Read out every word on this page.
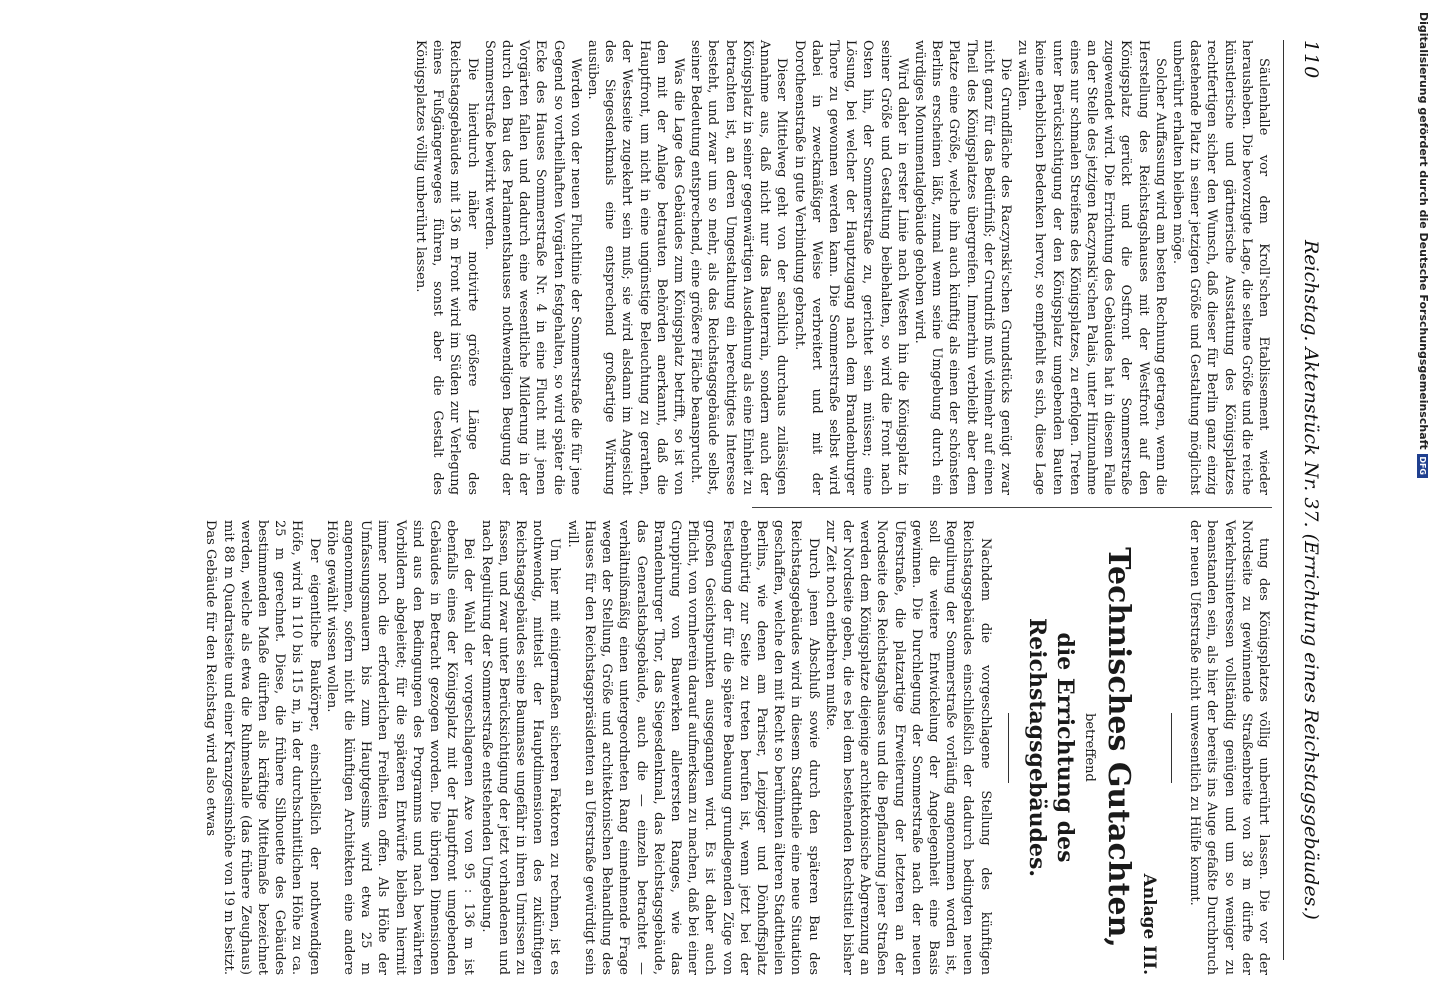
110
Reichstag. Aktenstück Nr. 37. (Errichtung eines Reichstagsgebäudes.)

Säulenhalle vor dem Kroll'schen Etablissement wieder herausheben. Die bevorzugte Lage, die seltene Größe und die reiche künstlerische und gärtnerische Ausstattung des Königsplatzes rechtfertigen sicher den Wunsch, daß dieser für Berlin ganz einzig dastehende Platz in seiner jetzigen Größe und Gestaltung möglichst unberührt erhalten bleiben möge.

Solcher Auffassung wird am besten Rechnung getragen, wenn die Herstellung des Reichstagshauses mit der Westfront auf den Königsplatz gerückt und die Ostfront der Sommerstraße zugewendet wird. Die Errichtung des Gebäudes hat in diesem Falle an der Stelle des jetzigen Raczynski'schen Palais, unter Hinzunahme eines nur schmalen Streifens des Königsplatzes, zu erfolgen. Treten unter Berücksichtigung der den Königsplatz umgebenden Bauten keine erheblichen Bedenken hervor, so empfiehlt es sich, diese Lage zu wählen.

Die Grundfläche des Raczynski'schen Grundstücks genügt zwar nicht ganz für das Bedürfniß; der Grundriß muß vielmehr auf einen Theil des Königsplatzes übergreifen. Immerhin verbleibt aber dem Platze eine Größe, welche ihn auch künftig als einen der schönsten Berlins erscheinen läßt, zumal wenn seine Umgebung durch ein würdiges Monumentalgebäude gehoben wird.

Wird daher in erster Linie nach Westen hin die Königsplatz in seiner Größe und Gestaltung beibehalten, so wird die Front nach Osten hin, der Sommerstraße zu, gerichtet sein müssen; eine Lösung, bei welcher der Hauptzugang nach dem Brandenburger Thore zu gewonnen werden kann. Die Sommerstraße selbst wird dabei in zweckmäßiger Weise verbreitert und mit der Dorotheenstraße in gute Verbindung gebracht.

Dieser Mittelweg geht von der sachlich durchaus zulässigen Annahme aus, daß nicht nur das Bauterrain, sondern auch der Königsplatz in seiner gegenwärtigen Ausdehnung als eine Einheit zu betrachten ist, an deren Umgestaltung ein berechtigtes Interesse besteht, und zwar um so mehr, als das Reichstagsgebäude selbst, seiner Bedeutung entsprechend, eine größere Fläche beansprucht.

Was die Lage des Gebäudes zum Königsplatz betrifft, so ist von den mit der Anlage betrauten Behörden anerkannt, daß die Hauptfront, um nicht in eine ungünstige Beleuchtung zu gerathen, der Westseite zugekehrt sein muß; sie wird alsdann im Angesicht des Siegesdenkmals eine entsprechend großartige Wirkung ausüben.

Werden von der neuen Fluchtlinie der Sommerstraße die für jene Gegend so vortheilhaften Vorgärten festgehalten, so wird später die Ecke des Hauses Sommerstraße Nr. 4 in eine Flucht mit jenen Vorgärten fallen und dadurch eine wesentliche Milderung in der durch den Bau des Parlamentshauses nothwendigen Beugung der Sommerstraße bewirkt werden.

Die hierdurch näher motivirte größere Länge des Reichstagsgebäudes mit 136 m Front wird im Süden zur Verlegung eines Fußgängerweges führen, sonst aber die Gestalt des Königsplatzes völlig unberührt lassen.

tung des Königsplatzes völlig unberührt lassen. Die vor der Nordseite zu gewinnende Straßenbreite von 38 m dürfte der Verkehrsinteressen vollständig genügen und um so weniger zu beanstanden sein, als hier der bereits ins Auge gefaßte Durchbruch der neuen Uferstraße nicht unwesentlich zu Hülfe kommt.

Anlage III.

Technisches Gutachten,
betreffend
die Errichtung des Reichstagsgebäudes.

Nachdem die vorgeschlagene Stellung des künftigen Reichstagsgebäudes einschließlich der dadurch bedingten neuen Regulirung der Sommerstraße vorläufig angenommen worden ist, soll die weitere Entwickelung der Angelegenheit eine Basis gewinnen. Die Durchlegung der Sommerstraße nach der neuen Uferstraße, die platzartige Erweiterung der letzteren an der Nordseite des Reichstagshauses und die Bepflanzung jener Straßen werden dem Königsplatze diejenige architektonische Abgrenzung an der Nordseite geben, die es bei dem bestehenden Rechtstitel bisher zur Zeit noch entbehren mußte.

Durch jenen Abschluß sowie durch den späteren Bau des Reichstagsgebäudes wird in diesem Stadttheile eine neue Situation geschaffen, welche den mit Recht so berühmten älteren Stadttheilen Berlins, wie denen am Pariser, Leipziger und Dönhoffsplatz ebenbürtig zur Seite zu treten berufen ist, wenn jetzt bei der Festlegung der für die spätere Bebauung grundlegenden Züge von großen Gesichtspunkten ausgegangen wird. Es ist daher auch Pflicht, von vornherein darauf aufmerksam zu machen, daß bei einer Gruppirung von Bauwerken allerersten Ranges, wie das Brandenburger Thor, das Siegesdenkmal, das Reichstagsgebäude, das Generalstabsgebäude, auch die — einzeln betrachtet — verhältnißmäßig einen untergeordneten Rang einnehmende Frage wegen der Stellung, Größe und architektonischen Behandlung des Hauses für den Reichstagspräsidenten an Uferstraße gewürdigt sein will.

Um hier mit einigermaßen sicheren Faktoren zu rechnen, ist es nothwendig, mittelst der Hauptdimensionen des zukünftigen Reichstagsgebäudes seine Baumasse ungefähr in ihren Umrissen zu fassen, und zwar unter Berücksichtigung der jetzt vorhandenen und nach Regulirung der Sommerstraße entstehenden Umgebung.

Bei der Wahl der vorgeschlagenen Axe von 95 : 136 m ist ebenfalls eines der Königsplatz mit der Hauptfront umgebenden Gebäudes in Betracht gezogen worden. Die übrigen Dimensionen sind aus den Bedingungen des Programms und nach bewährten Vorbildern abgeleitet; für die späteren Entwürfe bleiben hiermit immer noch die erforderlichen Freiheiten offen. Als Höhe der Umfassungsmauern bis zum Hauptgesims wird etwa 25 m angenommen, sofern nicht die künftigen Architekten eine andere Höhe gewählt wissen wollen.

Der eigentliche Baukörper, einschließlich der nothwendigen Höfe, wird in 110 bis 115 m, in der durchschnittlichen Höhe zu ca. 25 m gerechnet. Diese, die frühere Silhouette des Gebäudes bestimmenden Maße dürften als kräftige Mittelmaße bezeichnet werden, welche als etwa die Ruhmeshalle (das frühere Zeughaus) mit 88 m Quadratseite und einer Kranzgesimshöhe von 19 m besitzt. Das Gebäude für den Reichstag wird also etwas

Digitalisierung gefördert durch die Deutsche ForschungsgemeinschaftDFG
